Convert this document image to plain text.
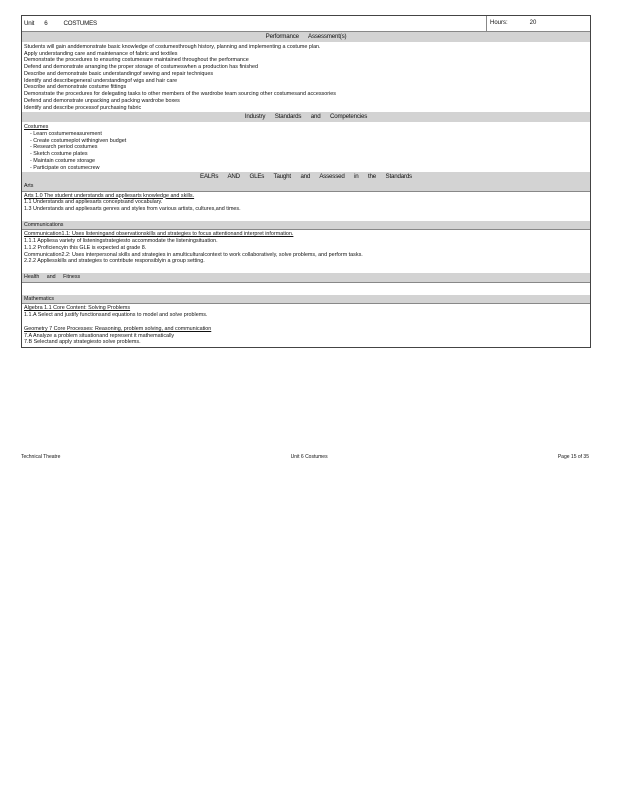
Unit 6	COSTUMES	Hours:	20
Performance Assessment(s)
Students will gain anddemonstrate basic knowledge of costumesthrough history, planning and implementing a costume plan.
Apply understanding care and maintenance of fabric and textiles
Demonstrate the procedures to ensuring costumesare maintained throughout the performance
Defend and demonstrate arranging the proper storage of costumeswhen a production has finished
Describe and demonstrate basic understandingof sewing and repair techniques
Identify and describegeneral understandingof wigs and hair care
Describe and demonstrate costume fittings
Demonstrate the procedures for delegating tasks to other members of the wardrobe team sourcing other costumesand accessories
Defend and demonstrate unpacking and packing wardrobe boxes
Identify and describe processof purchasing fabric
Industry Standards and Competencies
Costumes
- Learn costumemeasurement
- Create costumeplot withingiven budget
- Research period costumes
- Sketch costume plates
- Maintain costume storage
- Participate on costumecrew
EALRs AND GLEs Taught and Assessed in the Standards
Arts
Arts 1.0 The student understands and appliesarts knowledge and skills.
1.1 Understands and appliesarts conceptsand vocabulary.
1.3 Understands and appliesarts genres and styles from various artists, cultures,and times.
Communications
Communication1.1: Uses listeningand observationskills and strategies to focus attentionand interpret information.
1.1.1 Appliesa variety of listeningstrategiesto accommodate the listeningsituation.
1.1.2 Proficiencyin this GLE is expected at grade 8.
Communication2.2: Uses interpersonal skills and strategies in amulticulturalcontext to work collaboratively, solve problems, and perform tasks.
2.2.2 Appliesskills and strategies to contribute responsiblyin a group setting.
Health and Fitness
Mathematics
Algebra 1.1 Core Content: Solving Problems
1.1.A Select and justify functionsand equations to model and solve problems.
Geometry 7 Core Processes: Reasoning, problem solving, and communication
7.A Analyze a problem situationand represent it mathematically
7.B Selectand apply strategiesto solve problems.
Technical Theatre	Unit 6 Costumes	Page 15 of 35
